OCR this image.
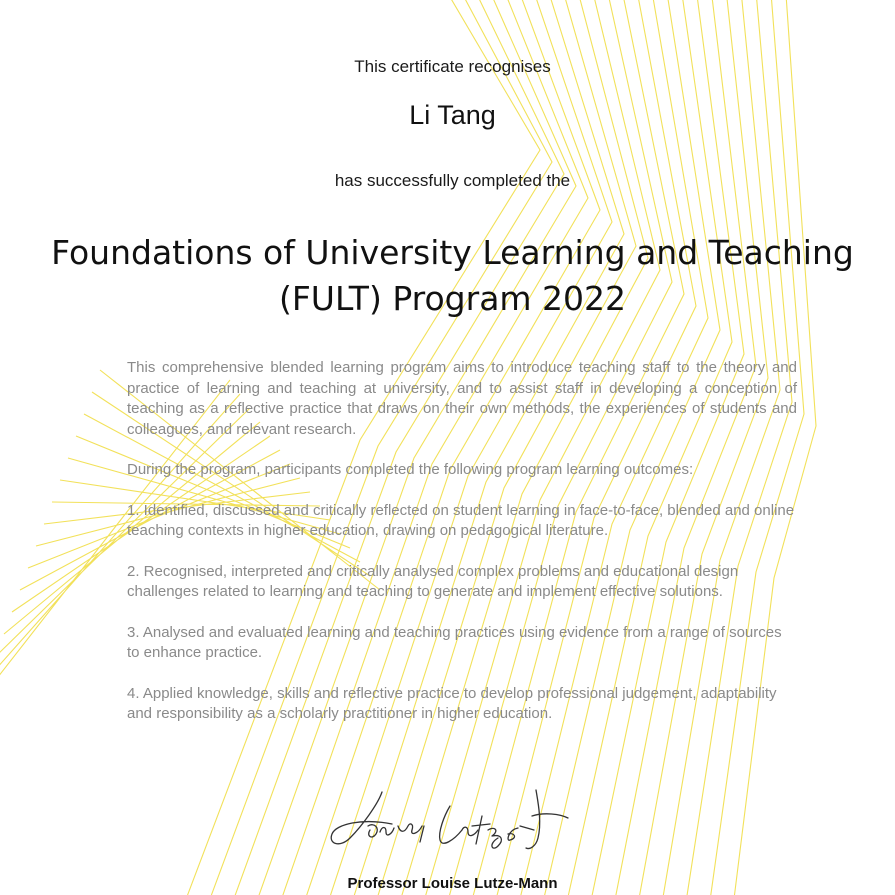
This certificate recognises
Li Tang
has successfully completed the
Foundations of University Learning and Teaching (FULT) Program 2022

This comprehensive blended learning program aims to introduce teaching staff to the theory and practice of learning and teaching at university, and to assist staff in developing a conception of teaching as a reflective practice that draws on their own methods, the experiences of students and colleagues, and relevant research.

During the program, participants completed the following program learning outcomes:

1. Identified, discussed and critically reflected on student learning in face-to-face, blended and online teaching contexts in higher education, drawing on pedagogical literature.

2. Recognised, interpreted and critically analysed complex problems and educational design challenges related to learning and teaching to generate and implement effective solutions.

3. Analysed and evaluated learning and teaching practices using evidence from a range of sources to enhance practice.

4. Applied knowledge, skills and reflective practice to develop professional judgement, adaptability and responsibility as a scholarly practitioner in higher education.

Louise Lutze-Mann
Professor Louise Lutze-Mann
